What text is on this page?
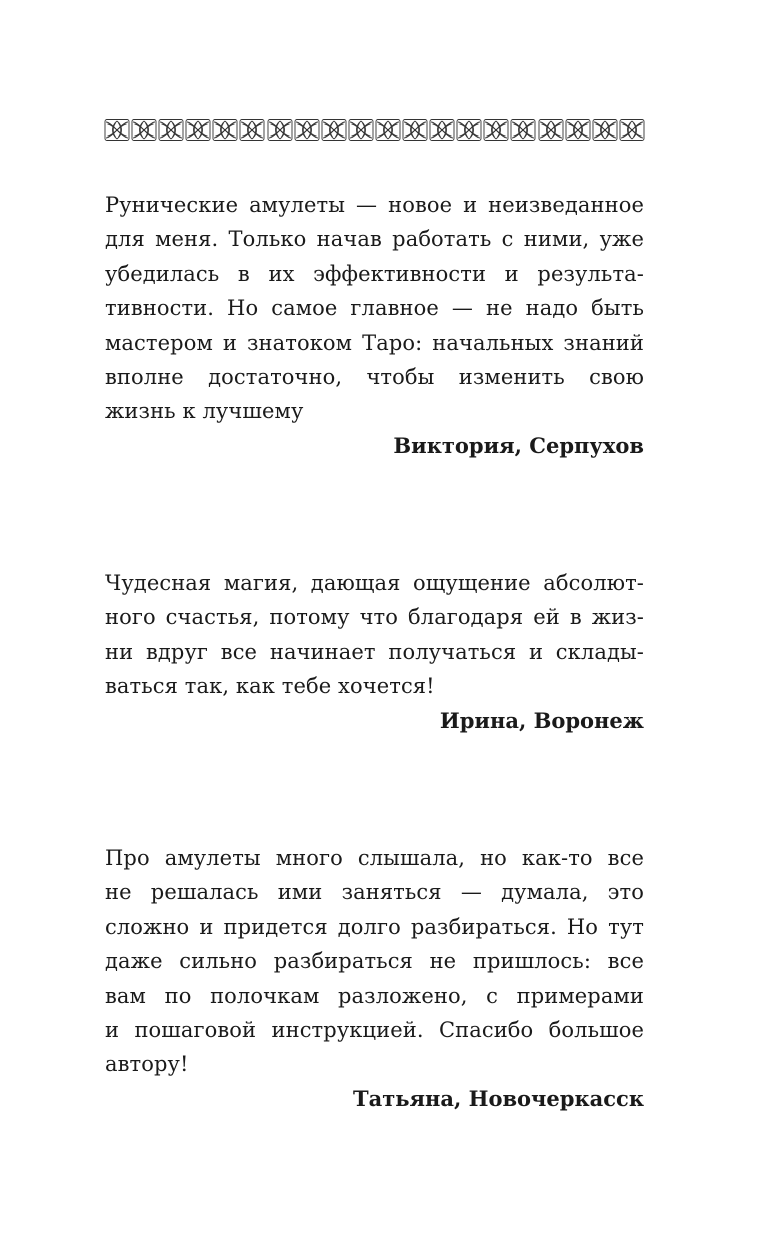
Рунические амулеты — новое и неизведанное
для меня. Только начав работать с ними, уже
убедилась в их эффективности и результа-
тивности. Но самое главное — не надо быть
мастером и знатоком Таро: начальных знаний
вполне достаточно, чтобы изменить свою
жизнь к лучшему

Виктория, Серпухов

Чудесная магия, дающая ощущение абсолют-
ного счастья, потому что благодаря ей в жиз-
ни вдруг все начинает получаться и склады-
ваться так, как тебе хочется!

Ирина, Воронеж

Про амулеты много слышала, но как-то все
не решалась ими заняться — думала, это
сложно и придется долго разбираться. Но тут
даже сильно разбираться не пришлось: все
вам по полочкам разложено, с примерами
и пошаговой инструкцией. Спасибо большое
автору!

Татьяна, Новочеркасск
